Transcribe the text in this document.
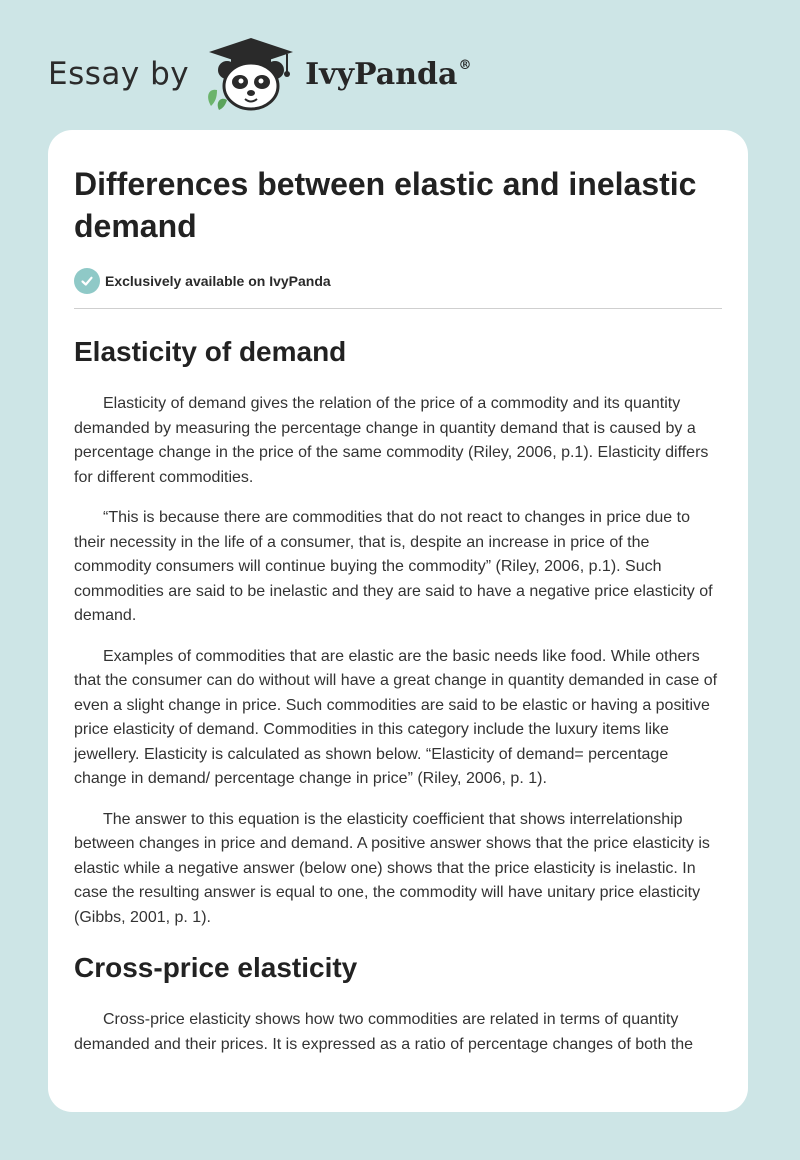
Essay by	IvyPanda®
Differences between elastic and inelastic demand
Exclusively available on IvyPanda
Elasticity of demand

Elasticity of demand gives the relation of the price of a commodity and its quantity demanded by measuring the percentage change in quantity demand that is caused by a percentage change in the price of the same commodity (Riley, 2006, p.1). Elasticity differs for different commodities.

“This is because there are commodities that do not react to changes in price due to their necessity in the life of a consumer, that is, despite an increase in price of the commodity consumers will continue buying the commodity” (Riley, 2006, p.1). Such commodities are said to be inelastic and they are said to have a negative price elasticity of demand.

Examples of commodities that are elastic are the basic needs like food. While others that the consumer can do without will have a great change in quantity demanded in case of even a slight change in price. Such commodities are said to be elastic or having a positive price elasticity of demand. Commodities in this category include the luxury items like jewellery. Elasticity is calculated as shown below. “Elasticity of demand= percentage change in demand/ percentage change in price” (Riley, 2006, p. 1).

The answer to this equation is the elasticity coefficient that shows interrelationship between changes in price and demand. A positive answer shows that the price elasticity is elastic while a negative answer (below one) shows that the price elasticity is inelastic. In case the resulting answer is equal to one, the commodity will have unitary price elasticity (Gibbs, 2001, p. 1).

Cross-price elasticity

Cross-price elasticity shows how two commodities are related in terms of quantity demanded and their prices. It is expressed as a ratio of percentage changes of both the
